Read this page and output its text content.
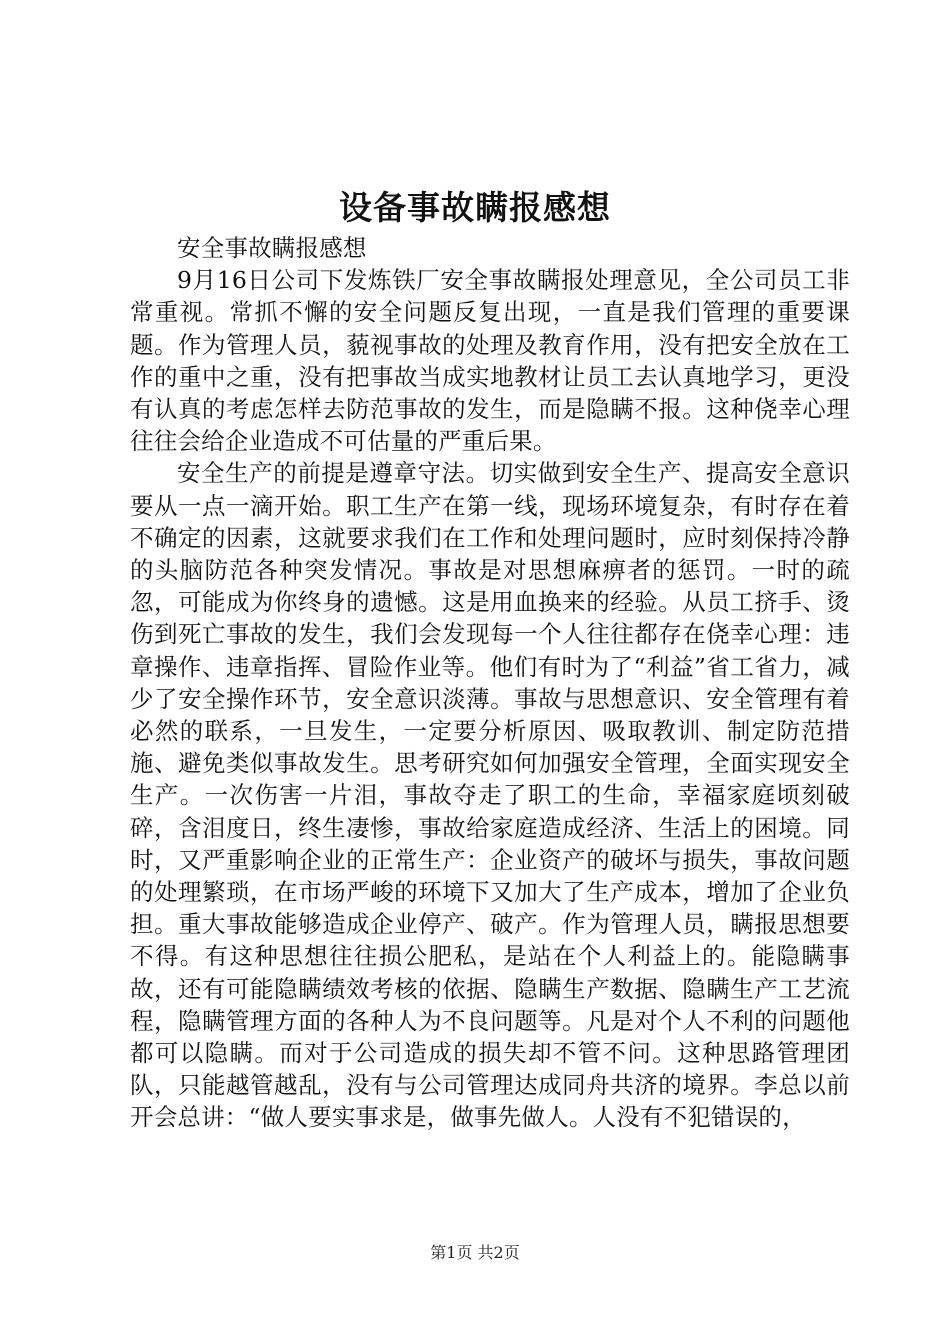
设备事故瞒报感想

安全事故瞒报感想

9月16日公司下发炼铁厂安全事故瞒报处理意见，全公司员工非常重视。常抓不懈的安全问题反复出现，一直是我们管理的重要课题。作为管理人员，藐视事故的处理及教育作用，没有把安全放在工作的重中之重，没有把事故当成实地教材让员工去认真地学习，更没有认真的考虑怎样去防范事故的发生，而是隐瞒不报。这种侥幸心理往往会给企业造成不可估量的严重后果。

安全生产的前提是遵章守法。切实做到安全生产、提高安全意识要从一点一滴开始。职工生产在第一线，现场环境复杂，有时存在着不确定的因素，这就要求我们在工作和处理问题时，应时刻保持冷静的头脑防范各种突发情况。事故是对思想麻痹者的惩罚。一时的疏忽，可能成为你终身的遗憾。这是用血换来的经验。从员工挤手、烫伤到死亡事故的发生，我们会发现每一个人往往都存在侥幸心理：违章操作、违章指挥、冒险作业等。他们有时为了“利益”省工省力，减少了安全操作环节，安全意识淡薄。事故与思想意识、安全管理有着必然的联系，一旦发生，一定要分析原因、吸取教训、制定防范措施、避免类似事故发生。思考研究如何加强安全管理，全面实现安全生产。一次伤害一片泪，事故夺走了职工的生命，幸福家庭顷刻破碎，含泪度日，终生凄惨，事故给家庭造成经济、生活上的困境。同时，又严重影响企业的正常生产：企业资产的破坏与损失，事故问题的处理繁琐，在市场严峻的环境下又加大了生产成本，增加了企业负担。重大事故能够造成企业停产、破产。作为管理人员，瞒报思想要不得。有这种思想往往损公肥私，是站在个人利益上的。能隐瞒事故，还有可能隐瞒绩效考核的依据、隐瞒生产数据、隐瞒生产工艺流程，隐瞒管理方面的各种人为不良问题等。凡是对个人不利的问题他都可以隐瞒。而对于公司造成的损失却不管不问。这种思路管理团队，只能越管越乱，没有与公司管理达成同舟共济的境界。李总以前开会总讲：“做人要实事求是，做事先做人。人没有不犯错误的，

第1页 共2页
